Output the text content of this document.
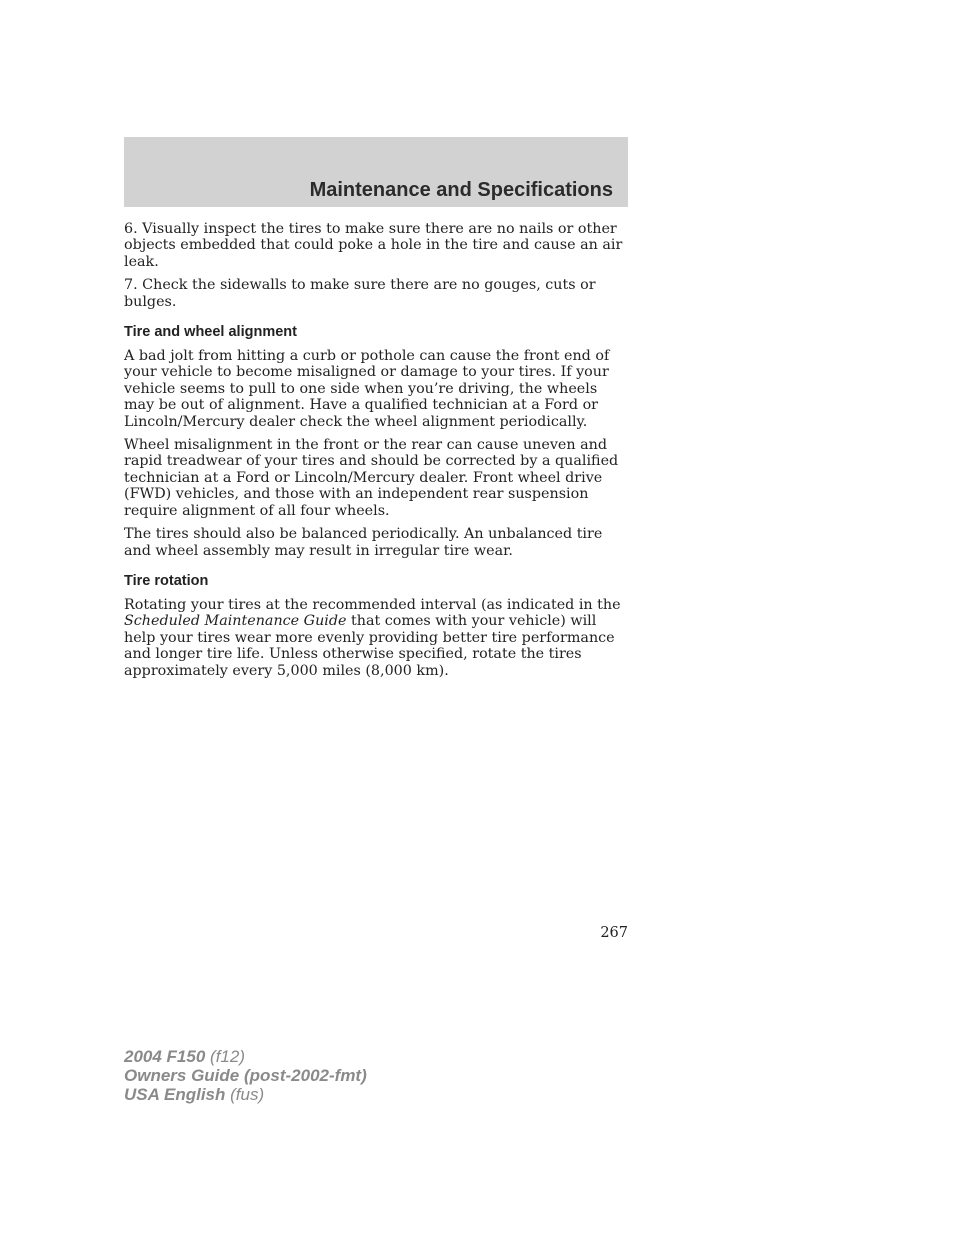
Maintenance and Specifications

6. Visually inspect the tires to make sure there are no nails or other objects embedded that could poke a hole in the tire and cause an air leak.

7. Check the sidewalls to make sure there are no gouges, cuts or bulges.

Tire and wheel alignment

A bad jolt from hitting a curb or pothole can cause the front end of your vehicle to become misaligned or damage to your tires. If your vehicle seems to pull to one side when you’re driving, the wheels may be out of alignment. Have a qualified technician at a Ford or Lincoln/Mercury dealer check the wheel alignment periodically.

Wheel misalignment in the front or the rear can cause uneven and rapid treadwear of your tires and should be corrected by a qualified technician at a Ford or Lincoln/Mercury dealer. Front wheel drive (FWD) vehicles, and those with an independent rear suspension require alignment of all four wheels.

The tires should also be balanced periodically. An unbalanced tire and wheel assembly may result in irregular tire wear.

Tire rotation

Rotating your tires at the recommended interval (as indicated in the Scheduled Maintenance Guide that comes with your vehicle) will help your tires wear more evenly providing better tire performance and longer tire life. Unless otherwise specified, rotate the tires approximately every 5,000 miles (8,000 km).

267
2004 F150 (f12)
Owners Guide (post-2002-fmt)
USA English (fus)
